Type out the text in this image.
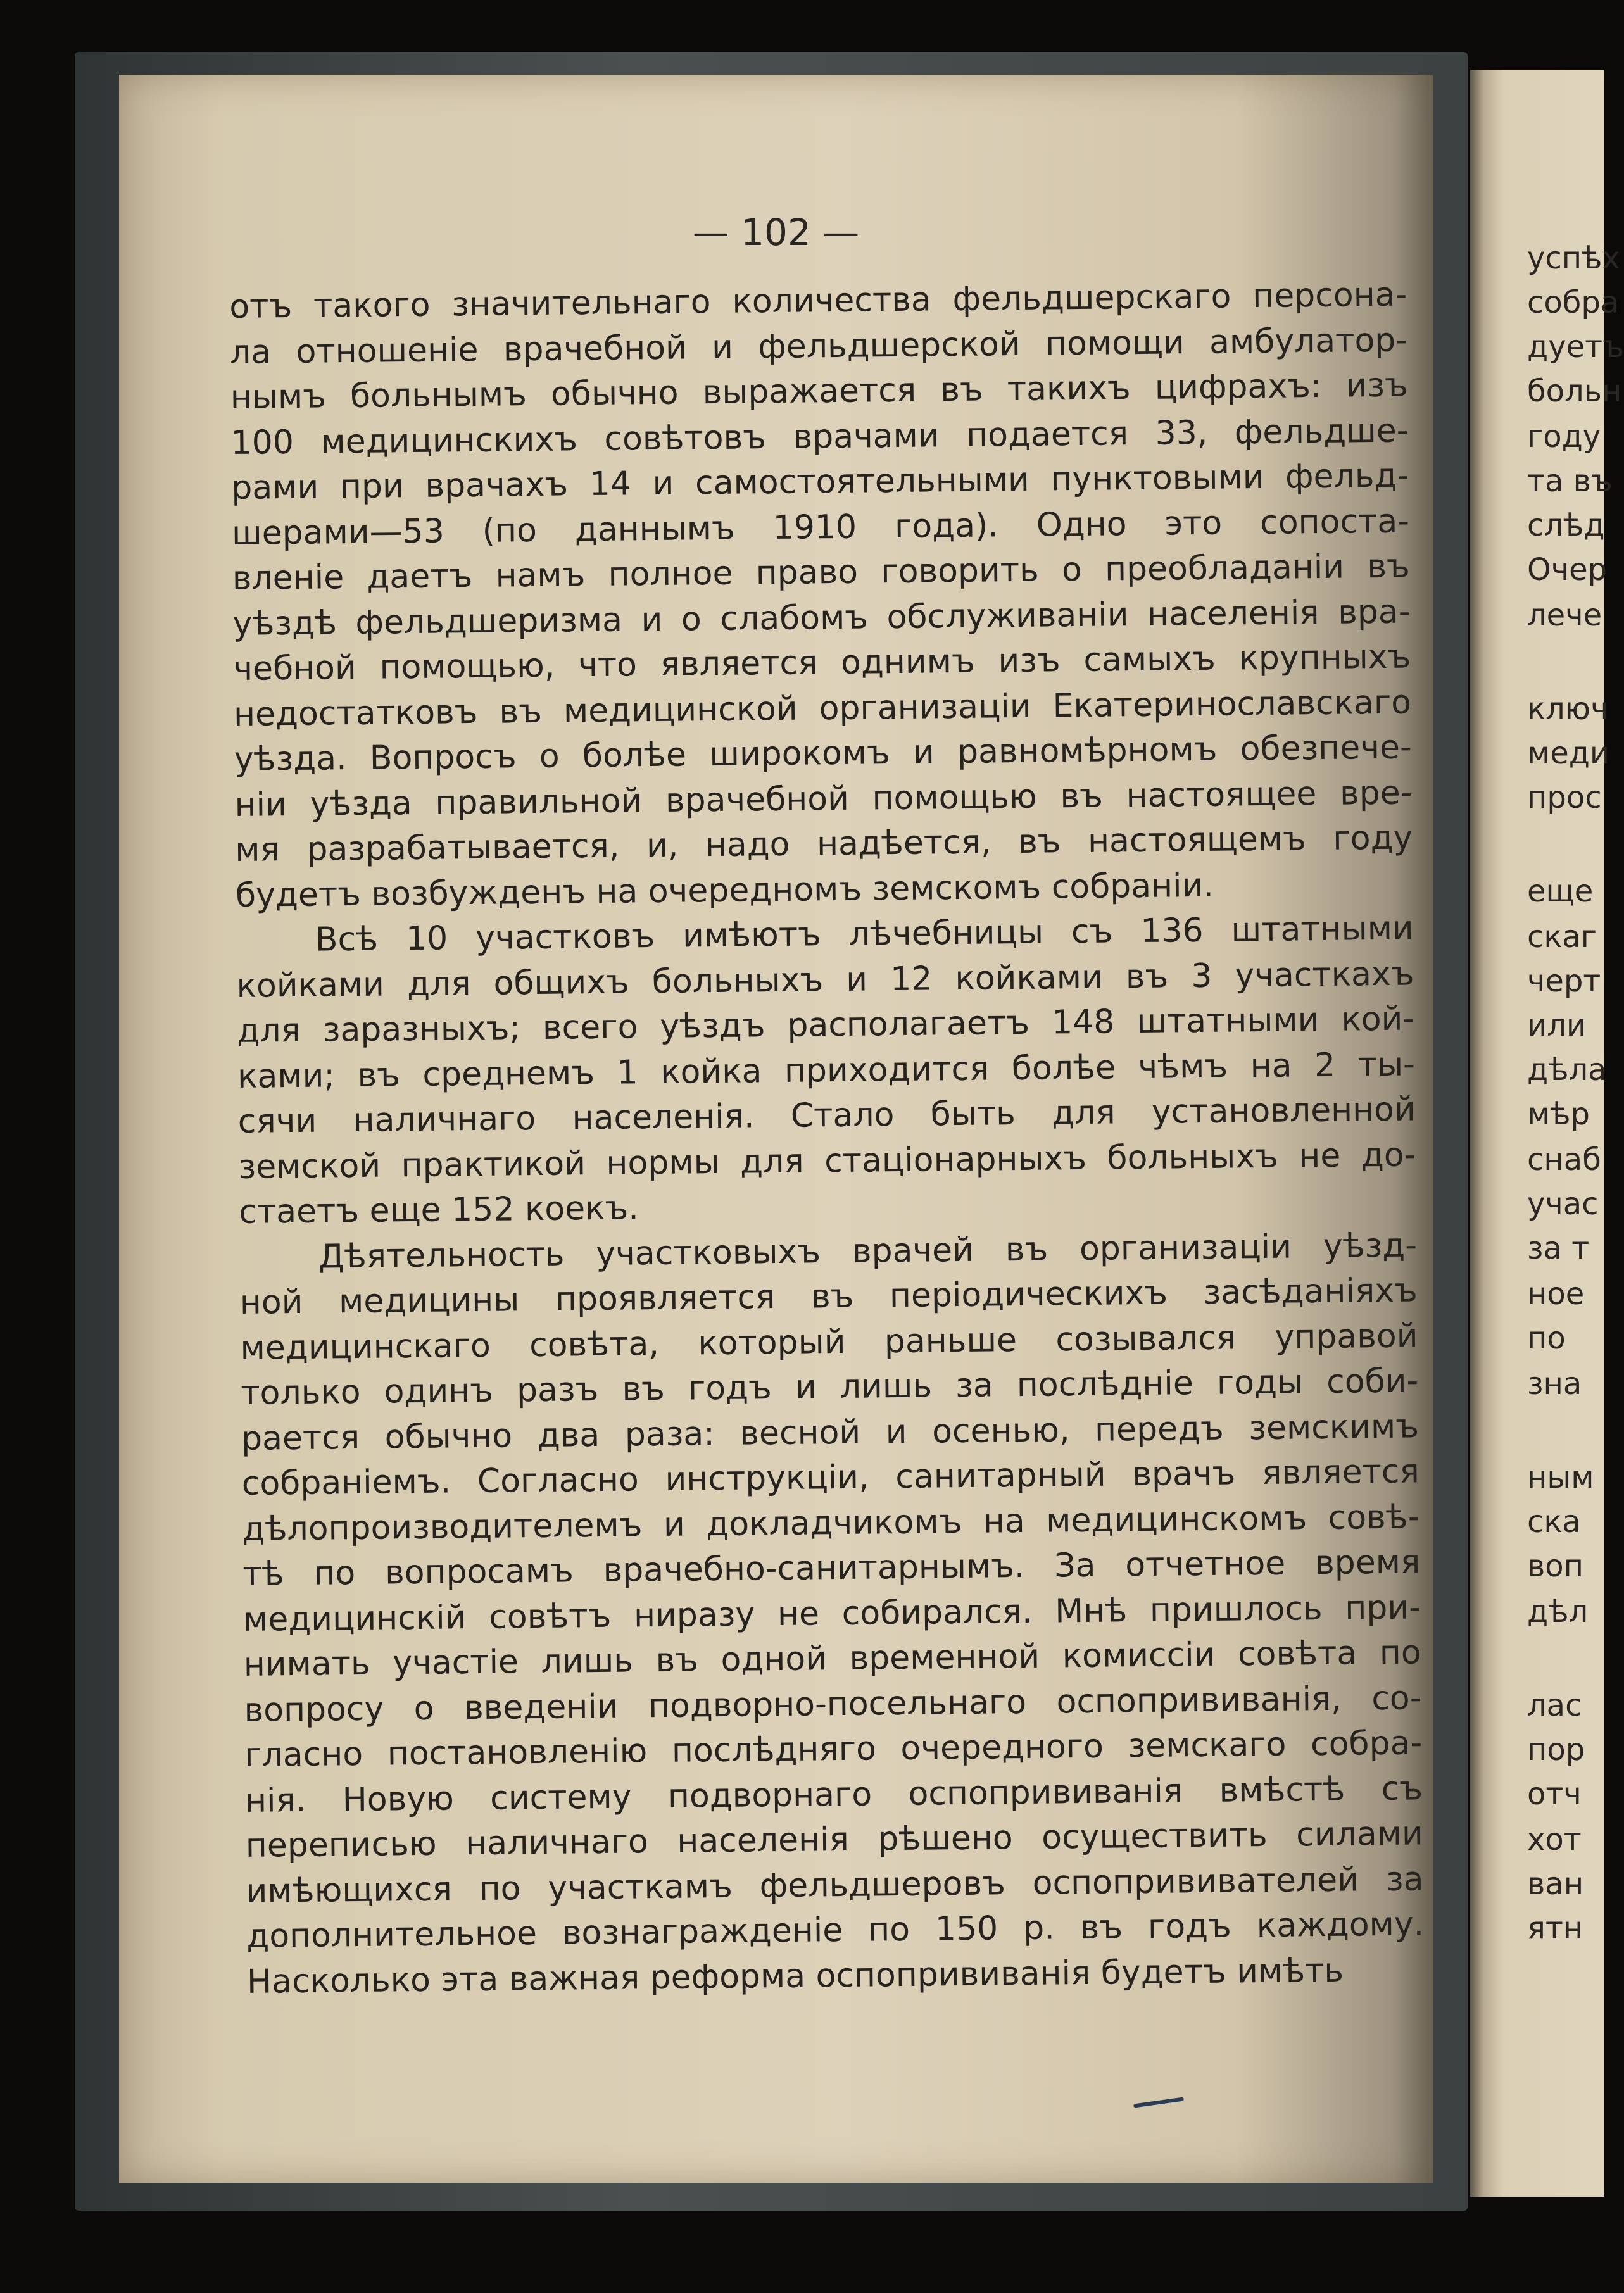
— 102 —
отъ такого значительнаго количества фельдшерскаго персона-
ла отношеніе врачебной и фельдшерской помощи амбулатор-
нымъ больнымъ обычно выражается въ такихъ цифрахъ: изъ
100 медицинскихъ совѣтовъ врачами подается 33, фельдше-
рами при врачахъ 14 и самостоятельными пунктовыми фельд-
шерами—53 (по даннымъ 1910 года). Одно это сопоста-
вленіе даетъ намъ полное право говорить о преобладаніи въ
уѣздѣ фельдшеризма и о слабомъ обслуживаніи населенія вра-
чебной помощью, что является однимъ изъ самыхъ крупныхъ
недостатковъ въ медицинской организаціи Екатеринославскаго
уѣзда. Вопросъ о болѣе широкомъ и равномѣрномъ обезпече-
ніи уѣзда правильной врачебной помощью въ настоящее вре-
мя разрабатывается, и, надо надѣется, въ настоящемъ году
будетъ возбужденъ на очередномъ земскомъ собраніи.
Всѣ 10 участковъ имѣютъ лѣчебницы съ 136 штатными
койками для общихъ больныхъ и 12 койками въ 3 участкахъ
для заразныхъ; всего уѣздъ располагаетъ 148 штатными кой-
ками; въ среднемъ 1 койка приходится болѣе чѣмъ на 2 ты-
сячи наличнаго населенія. Стало быть для установленной
земской практикой нормы для стаціонарныхъ больныхъ не до-
стаетъ еще 152 коекъ.
Дѣятельность участковыхъ врачей въ организаціи уѣзд-
ной медицины проявляется въ періодическихъ засѣданіяхъ
медицинскаго совѣта, который раньше созывался управой
только одинъ разъ въ годъ и лишь за послѣдніе годы соби-
рается обычно два раза: весной и осенью, передъ земскимъ
собраніемъ. Согласно инструкціи, санитарный врачъ является
дѣлопроизводителемъ и докладчикомъ на медицинскомъ совѣ-
тѣ по вопросамъ врачебно-санитарнымъ. За отчетное время
медицинскій совѣтъ ниразу не собирался. Мнѣ пришлось при-
нимать участіе лишь въ одной временной комиссіи совѣта по
вопросу о введеніи подворно-посельнаго оспопрививанія, со-
гласно постановленію послѣдняго очередного земскаго собра-
нія. Новую систему подворнаго оспопрививанія вмѣстѣ съ
переписью наличнаго населенія рѣшено осуществить силами
имѣющихся по участкамъ фельдшеровъ оспопрививателей за
дополнительное вознагражденіе по 150 р. въ годъ каждому.
Насколько эта важная реформа оспопрививанія будетъ имѣть
успѣх
собра
дуетъ
больн
году
та въ
слѣд
Очер
лече
ключ
меди
прос
еще
скаг
черт
или
дѣла
мѣр
снаб
учас
за т
ное
по
зна
ным
ска
воп
дѣл
лас
пор
отч
хот
ван
ятн
